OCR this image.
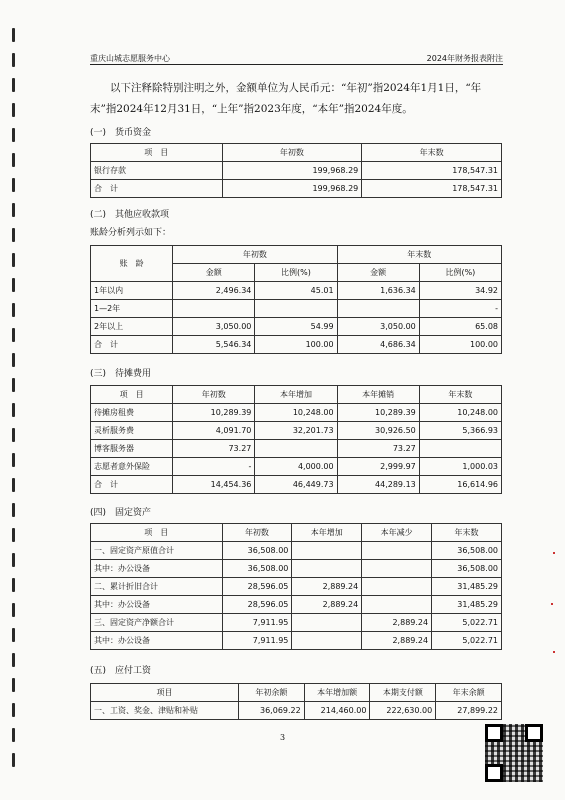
重庆山城志愿服务中心	2024年财务报表附注
以下注释除特别注明之外，金额单位为人民币元：“年初”指2024年1月1日，“年末”指2024年12月31日，“上年”指2023年度，“本年”指2024年度。
(一)　货币资金
项　目	年初数	年末数
银行存款	199,968.29	178,547.31
合　计	199,968.29	178,547.31
(二)　其他应收款项
账龄分析列示如下：
账　龄	年初数		年末数	
	金额	比例(%)	金额	比例(%)
1年以内	2,496.34	45.01	1,636.34	34.92
1—2年				-
2年以上	3,050.00	54.99	3,050.00	65.08
合　计	5,546.34	100.00	4,686.34	100.00
(三)　待摊费用
项　目	年初数	本年增加	本年摊销	年末数
待摊房租费	10,289.39	10,248.00	10,289.39	10,248.00
灵析服务费	4,091.70	32,201.73	30,926.50	5,366.93
博客服务器	73.27		73.27	
志愿者意外保险	-	4,000.00	2,999.97	1,000.03
合　计	14,454.36	46,449.73	44,289.13	16,614.96
(四)　固定资产
项　目	年初数	本年增加	本年减少	年末数
一、固定资产原值合计	36,508.00			36,508.00
其中：办公设备	36,508.00			36,508.00
二、累计折旧合计	28,596.05	2,889.24		31,485.29
其中：办公设备	28,596.05	2,889.24		31,485.29
三、固定资产净额合计	7,911.95		2,889.24	5,022.71
其中：办公设备	7,911.95		2,889.24	5,022.71
(五)　应付工资
项目	年初余额	本年增加额	本期支付额	年末余额
一、工资、奖金、津贴和补贴	36,069.22	214,460.00	222,630.00	27,899.22
3
